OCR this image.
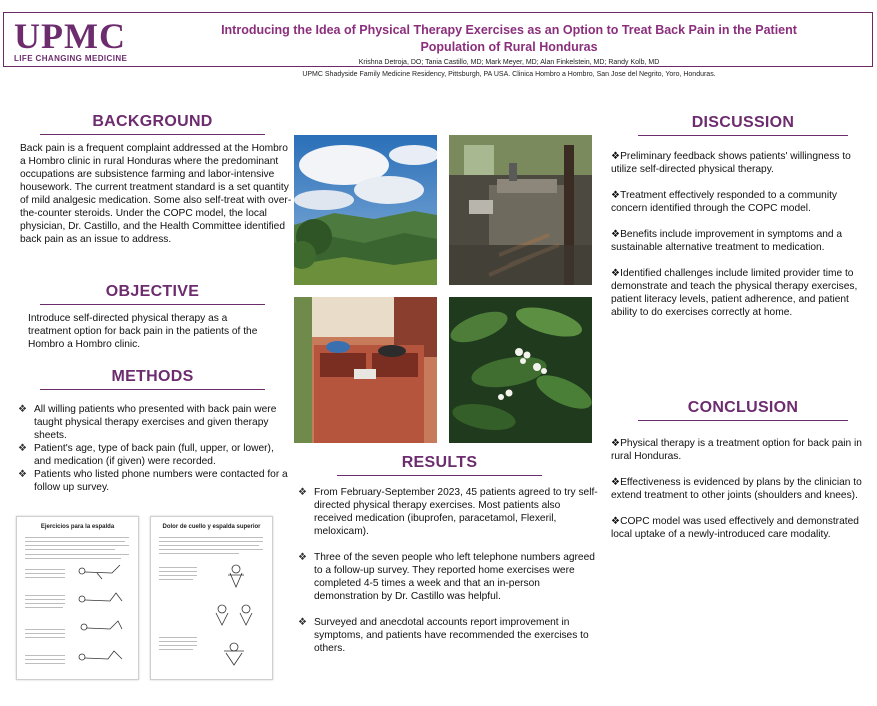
UPMC
LIFE CHANGING MEDICINE
Introducing the Idea of Physical Therapy Exercises as an Option to Treat Back Pain in the Patient Population of Rural Honduras
Krishna Detroja, DO; Tania Castillo, MD; Mark Meyer, MD; Alan Finkelstein, MD; Randy Kolb, MD
UPMC Shadyside Family Medicine Residency, Pittsburgh, PA USA. Clinica Hombro a Hombro, San Jose del Negrito, Yoro, Honduras.
BACKGROUND

Back pain is a frequent complaint addressed at the Hombro a Hombro clinic in rural Honduras where the predominant occupations are subsistence farming and labor-intensive housework. The current treatment standard is a set quantity of mild analgesic medication. Some also self-treat with over-the-counter steroids. Under the COPC model, the local physician, Dr. Castillo, and the Health Committee identified back pain as an issue to address.

OBJECTIVE

Introduce self-directed physical therapy as a treatment option for back pain in the patients of the Hombro a Hombro clinic.

METHODS
❖ All willing patients who presented with back pain were taught physical therapy exercises and given therapy sheets.
❖ Patient's age, type of back pain (full, upper, or lower), and medication (if given) were recorded.
❖ Patients who listed phone numbers were contacted for a follow up survey.
Ejercicios para la espalda	Dolor de cuello y espalda superior
RESULTS
❖ From February-September 2023, 45 patients agreed to try self-directed physical therapy exercises. Most patients also received medication (ibuprofen, paracetamol, Flexeril, meloxicam).
❖ Three of the seven people who left telephone numbers agreed to a follow-up survey. They reported home exercises were completed 4-5 times a week and that an in-person demonstration by Dr. Castillo was helpful.
❖ Surveyed and anecdotal accounts report improvement in symptoms, and patients have recommended the exercises to others.
DISCUSSION
❖Preliminary feedback shows patients' willingness to utilize self-directed physical therapy.
❖Treatment effectively responded to a community concern identified through the COPC model.
❖Benefits include improvement in symptoms and a sustainable alternative treatment to medication.
❖Identified challenges include limited provider time to demonstrate and teach the physical therapy exercises, patient literacy levels, patient adherence, and patient ability to do exercises correctly at home.
CONCLUSION
❖Physical therapy is a treatment option for back pain in rural Honduras.
❖Effectiveness is evidenced by plans by the clinician to extend treatment to other joints (shoulders and knees).
❖COPC model was used effectively and demonstrated local uptake of a newly-introduced care modality.
